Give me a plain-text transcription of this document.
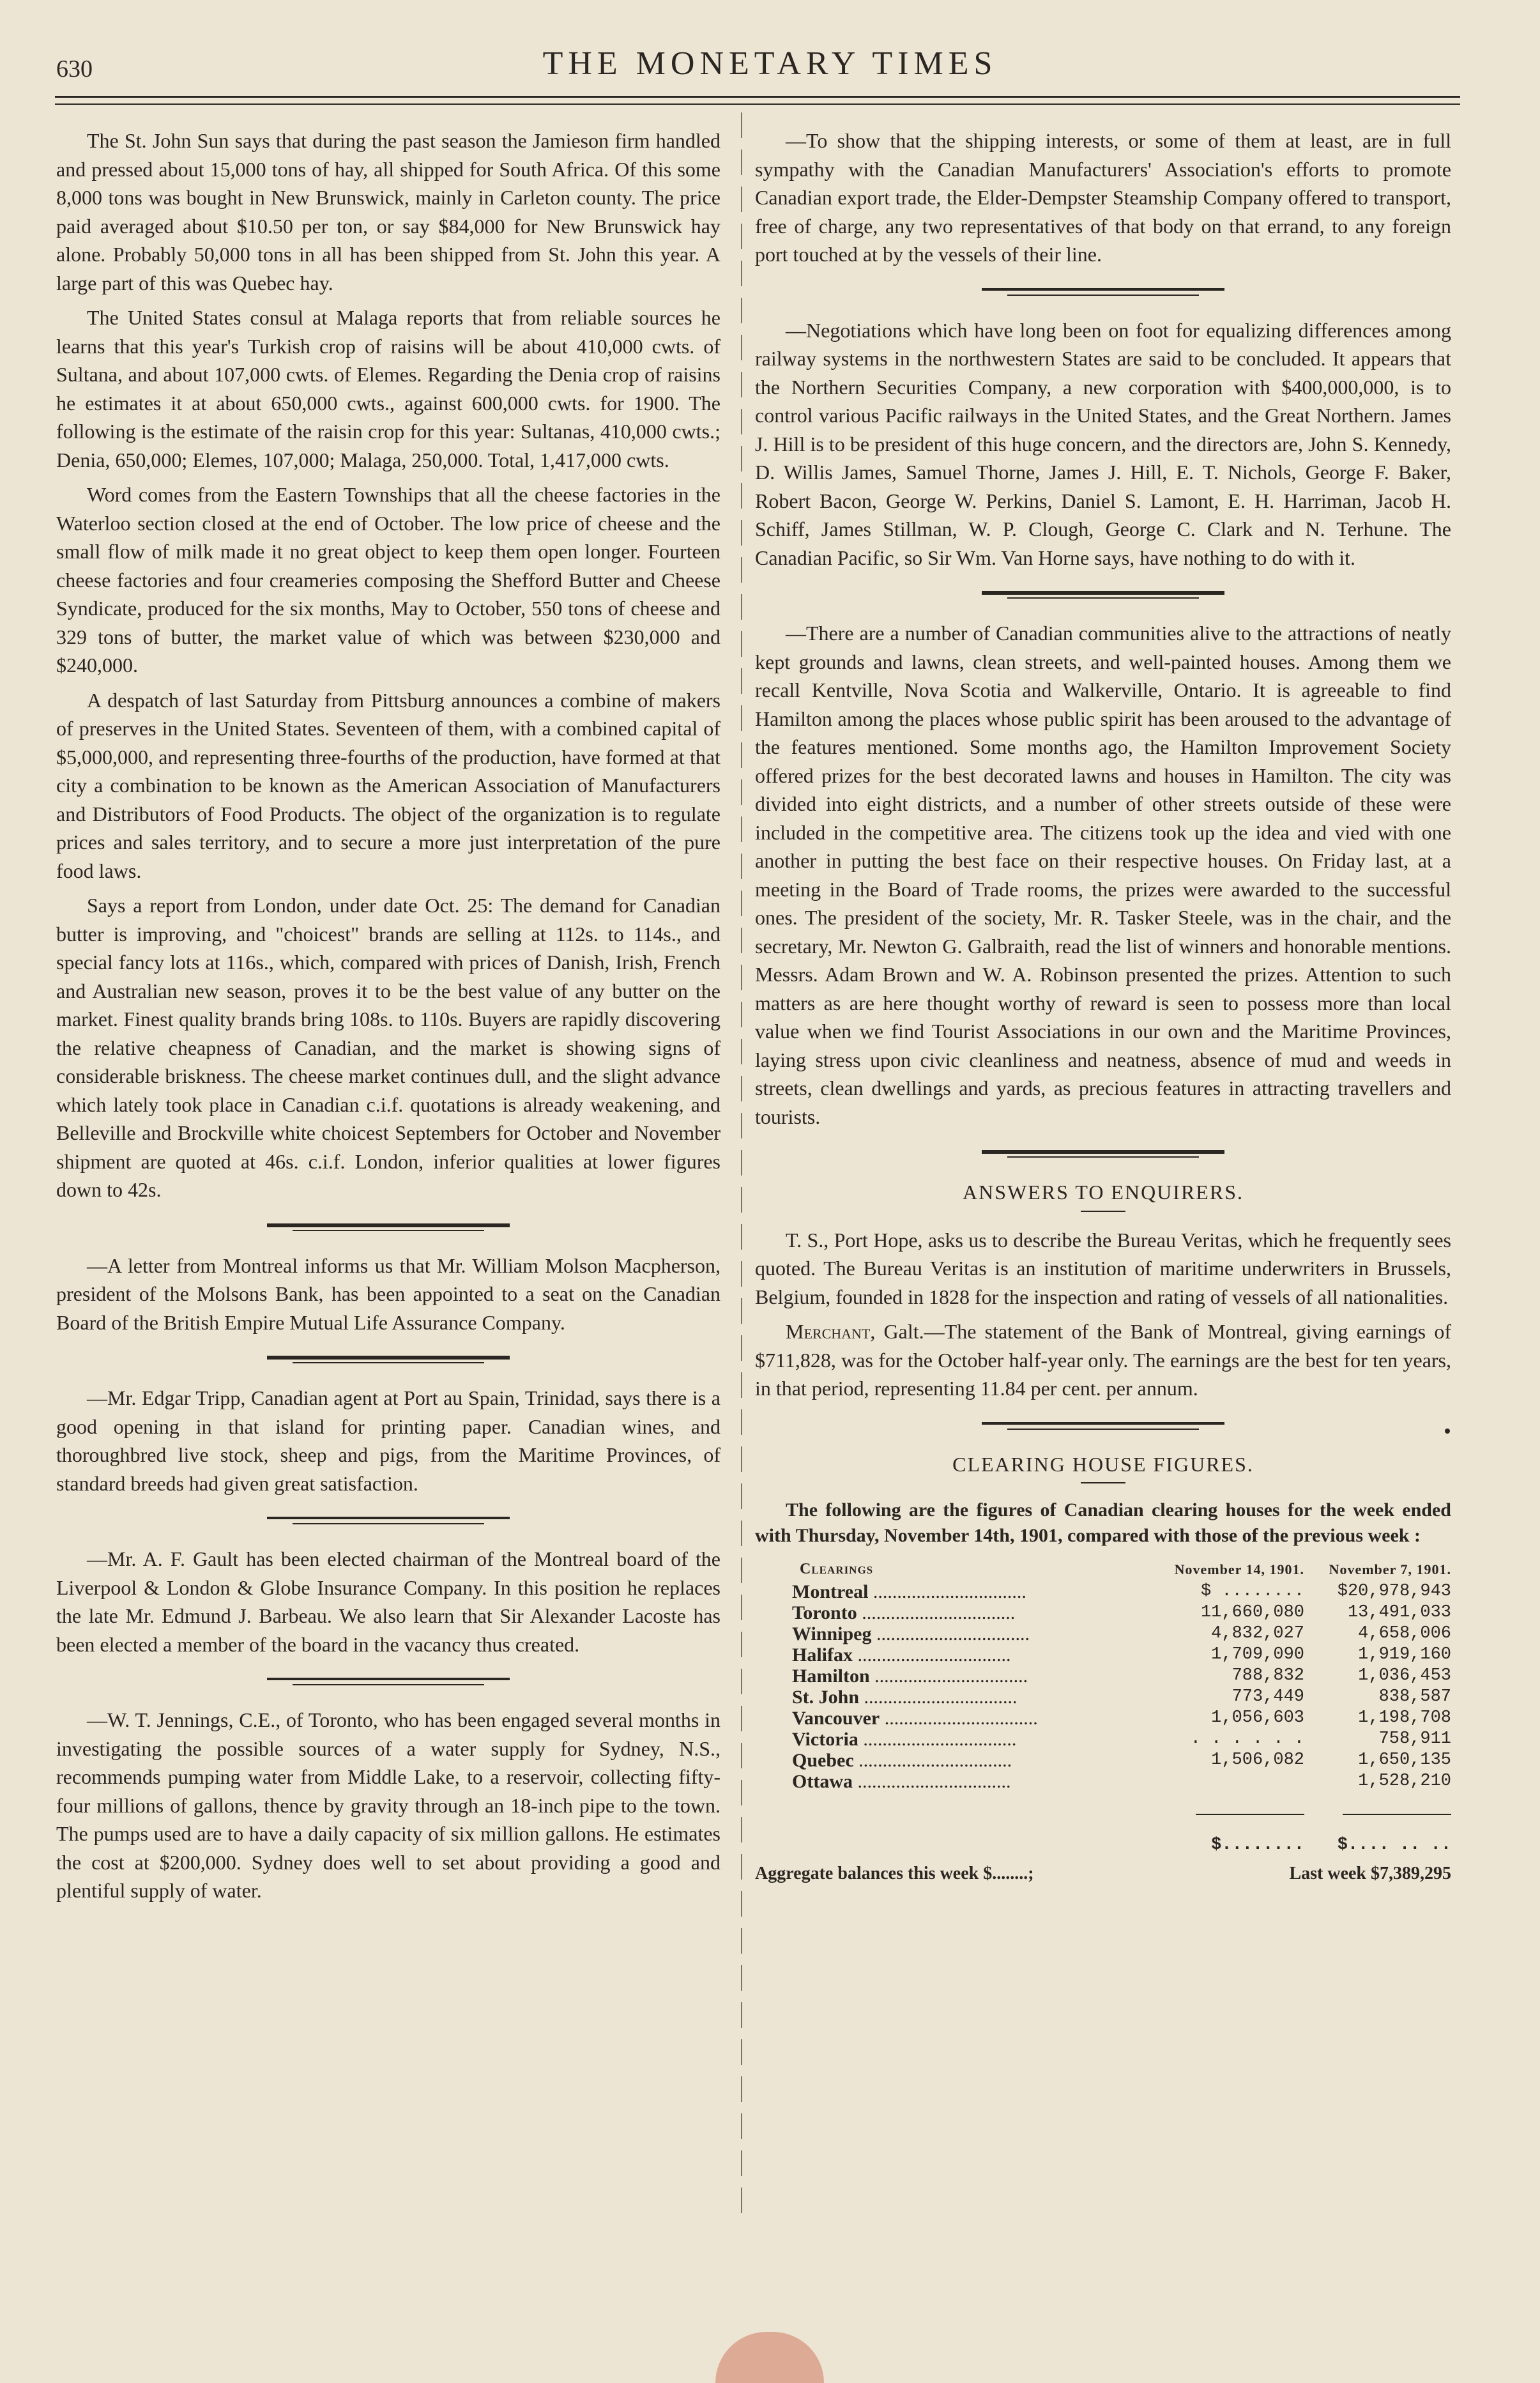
630	THE MONETARY TIMES

The St. John Sun says that during the past season the Jamieson firm handled and pressed about 15,000 tons of hay, all shipped for South Africa. Of this some 8,000 tons was bought in New Brunswick, mainly in Carleton county. The price paid averaged about $10.50 per ton, or say $84,000 for New Brunswick hay alone. Probably 50,000 tons in all has been shipped from St. John this year. A large part of this was Quebec hay.

The United States consul at Malaga reports that from reliable sources he learns that this year's Turkish crop of raisins will be about 410,000 cwts. of Sultana, and about 107,000 cwts. of Elemes. Regarding the Denia crop of raisins he estimates it at about 650,000 cwts., against 600,000 cwts. for 1900. The following is the estimate of the raisin crop for this year: Sultanas, 410,000 cwts.; Denia, 650,000; Elemes, 107,000; Malaga, 250,000. Total, 1,417,000 cwts.

Word comes from the Eastern Townships that all the cheese factories in the Waterloo section closed at the end of October. The low price of cheese and the small flow of milk made it no great object to keep them open longer. Fourteen cheese factories and four creameries composing the Shefford Butter and Cheese Syndicate, produced for the six months, May to October, 550 tons of cheese and 329 tons of butter, the market value of which was between $230,000 and $240,000.

A despatch of last Saturday from Pittsburg announces a combine of makers of preserves in the United States. Seventeen of them, with a combined capital of $5,000,000, and representing three-fourths of the production, have formed at that city a combination to be known as the American Association of Manufacturers and Distributors of Food Products. The object of the organization is to regulate prices and sales territory, and to secure a more just interpretation of the pure food laws.

Says a report from London, under date Oct. 25: The demand for Canadian butter is improving, and "choicest" brands are selling at 112s. to 114s., and special fancy lots at 116s., which, compared with prices of Danish, Irish, French and Australian new season, proves it to be the best value of any butter on the market. Finest quality brands bring 108s. to 110s. Buyers are rapidly discovering the relative cheapness of Canadian, and the market is showing signs of considerable briskness. The cheese market continues dull, and the slight advance which lately took place in Canadian c.i.f. quotations is already weakening, and Belleville and Brockville white choicest Septembers for October and November shipment are quoted at 46s. c.i.f. London, inferior qualities at lower figures down to 42s.

—A letter from Montreal informs us that Mr. William Molson Macpherson, president of the Molsons Bank, has been appointed to a seat on the Canadian Board of the British Empire Mutual Life Assurance Company.

—Mr. Edgar Tripp, Canadian agent at Port au Spain, Trinidad, says there is a good opening in that island for printing paper. Canadian wines, and thoroughbred live stock, sheep and pigs, from the Maritime Provinces, of standard breeds had given great satisfaction.

—Mr. A. F. Gault has been elected chairman of the Montreal board of the Liverpool & London & Globe Insurance Company. In this position he replaces the late Mr. Edmund J. Barbeau. We also learn that Sir Alexander Lacoste has been elected a member of the board in the vacancy thus created.

—W. T. Jennings, C.E., of Toronto, who has been engaged several months in investigating the possible sources of a water supply for Sydney, N.S., recommends pumping water from Middle Lake, to a reservoir, collecting fifty-four millions of gallons, thence by gravity through an 18-inch pipe to the town. The pumps used are to have a daily capacity of six million gallons. He estimates the cost at $200,000. Sydney does well to set about providing a good and plentiful supply of water.

—To show that the shipping interests, or some of them at least, are in full sympathy with the Canadian Manufacturers' Association's efforts to promote Canadian export trade, the Elder-Dempster Steamship Company offered to transport, free of charge, any two representatives of that body on that errand, to any foreign port touched at by the vessels of their line.

—Negotiations which have long been on foot for equalizing differences among railway systems in the northwestern States are said to be concluded. It appears that the Northern Securities Company, a new corporation with $400,000,000, is to control various Pacific railways in the United States, and the Great Northern. James J. Hill is to be president of this huge concern, and the directors are, John S. Kennedy, D. Willis James, Samuel Thorne, James J. Hill, E. T. Nichols, George F. Baker, Robert Bacon, George W. Perkins, Daniel S. Lamont, E. H. Harriman, Jacob H. Schiff, James Stillman, W. P. Clough, George C. Clark and N. Terhune. The Canadian Pacific, so Sir Wm. Van Horne says, have nothing to do with it.

—There are a number of Canadian communities alive to the attractions of neatly kept grounds and lawns, clean streets, and well-painted houses. Among them we recall Kentville, Nova Scotia and Walkerville, Ontario. It is agreeable to find Hamilton among the places whose public spirit has been aroused to the advantage of the features mentioned. Some months ago, the Hamilton Improvement Society offered prizes for the best decorated lawns and houses in Hamilton. The city was divided into eight districts, and a number of other streets outside of these were included in the competitive area. The citizens took up the idea and vied with one another in putting the best face on their respective houses. On Friday last, at a meeting in the Board of Trade rooms, the prizes were awarded to the successful ones. The president of the society, Mr. R. Tasker Steele, was in the chair, and the secretary, Mr. Newton G. Galbraith, read the list of winners and honorable mentions. Messrs. Adam Brown and W. A. Robinson presented the prizes. Attention to such matters as are here thought worthy of reward is seen to possess more than local value when we find Tourist Associations in our own and the Maritime Provinces, laying stress upon civic cleanliness and neatness, absence of mud and weeds in streets, clean dwellings and yards, as precious features in attracting travellers and tourists.

ANSWERS TO ENQUIRERS.

T. S., Port Hope, asks us to describe the Bureau Veritas, which he frequently sees quoted. The Bureau Veritas is an institution of maritime underwriters in Brussels, Belgium, founded in 1828 for the inspection and rating of vessels of all nationalities.

Merchant, Galt.—The statement of the Bank of Montreal, giving earnings of $711,828, was for the October half-year only. The earnings are the best for ten years, in that period, representing 11.84 per cent. per annum.

CLEARING HOUSE FIGURES.

The following are the figures of Canadian clearing houses for the week ended with Thursday, November 14th, 1901, compared with those of the previous week :

Clearings	November 14, 1901.	November 7, 1901.
Montreal ................................	$ ........	$20,978,943
Toronto ................................	11,660,080	13,491,033
Winnipeg ................................	4,832,027	4,658,006
Halifax ................................	1,709,090	1,919,160
Hamilton ................................	788,832	1,036,453
St. John ................................	773,449	838,587
Vancouver ................................	1,056,603	1,198,708
Victoria ................................	. . . . . .	758,911
Quebec ................................	1,506,082	1,650,135
Ottawa ................................		1,528,210

	$........	$.... .. ..
Aggregate balances this week $........;	Last week $7,389,295
